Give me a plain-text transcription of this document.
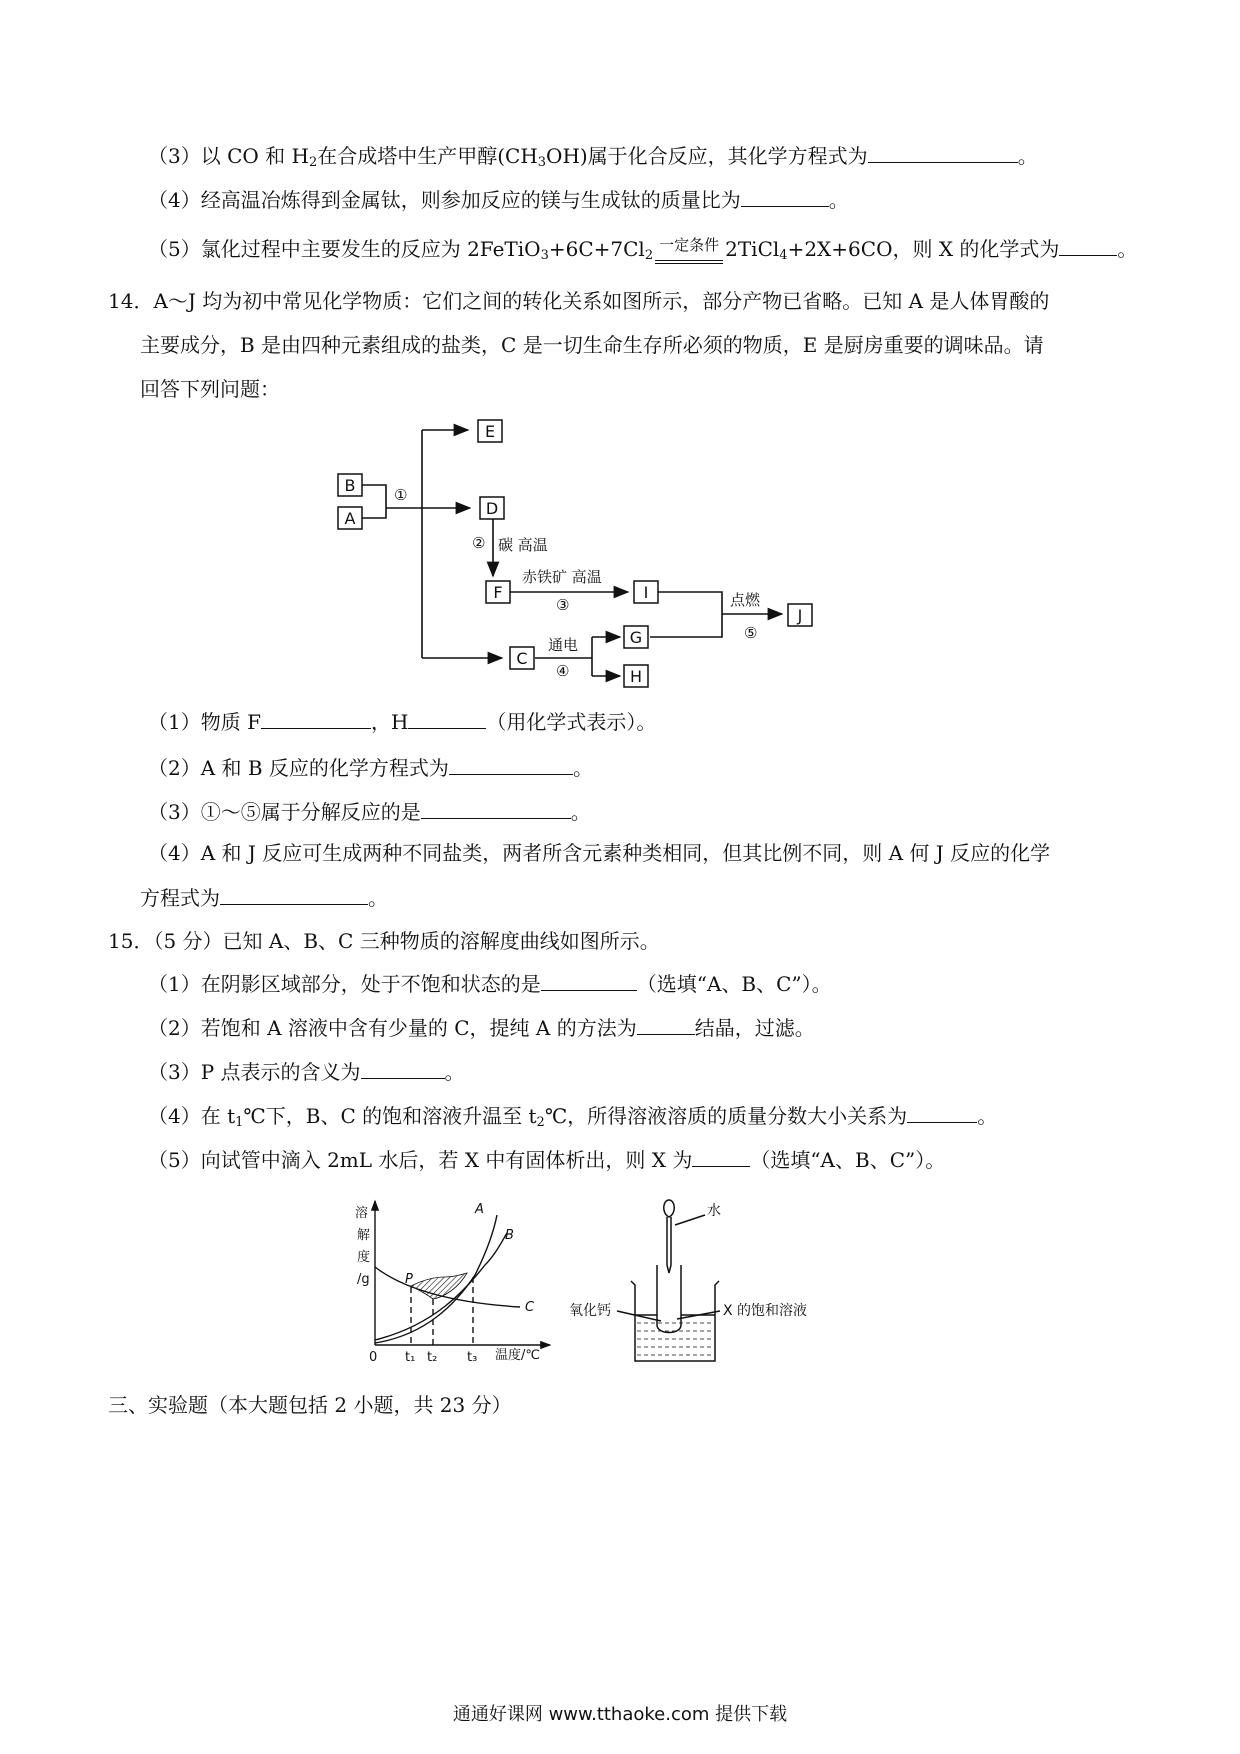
（3）以 CO 和 $H_2$在合成塔中生产甲醇$(CH_3OH)$属于化合反应，其化学方程式为	。
（4）经高温冶炼得到金属钛，则参加反应的镁与生成钛的质量比为	。
（5）氯化过程中主要发生的反应为 $2FeTiO_3+6C+7Cl_2$一定条件 2TiCl$_4$+2X+6CO，则 X 的化学式为	。
14．A～J 均为初中常见化学物质：它们之间的转化关系如图所示，部分产物已省略。已知 A 是人体胃酸的
主要成分，B 是由四种元素组成的盐类，C 是一切生命生存所必须的物质，E 是厨房重要的调味品。请
回答下列问题：
E
B
A
D
F	I
J
C
G
H
①
② 碳 高温
赤铁矿 高温
③
通电
④
点燃
⑤
（1）物质 F	，H	（用化学式表示）。
（2）A 和 B 反应的化学方程式为	。
（3）①～⑤属于分解反应的是	。
（4）A 和 J 反应可生成两种不同盐类，两者所含元素种类相同，但其比例不同，则 A 何 J 反应的化学
方程式为	。
15．（5 分）已知 A、B、C 三种物质的溶解度曲线如图所示。
（1）在阴影区域部分，处于不饱和状态的是	（选填“A、B、C”）。
（2）若饱和 A 溶液中含有少量的 C，提纯 A 的方法为	结晶，过滤。
（3）P 点表示的含义为	。
（4）在 $t_1℃$下，B、C 的饱和溶液升温至 $t_2℃$，所得溶液溶质的质量分数大小关系为	。
（5）向试管中滴入 2mL 水后，若 X 中有固体析出，则 X 为	（选填“A、B、C”）。
溶
解
度
/g
0 t₁ t₂ t₃ 温度/℃
A
B
C
P
水
氧化钙	X 的饱和溶液
三、实验题（本大题包括 2 小题，共 23 分）
通通好课网 www.tthaoke.com 提供下载
